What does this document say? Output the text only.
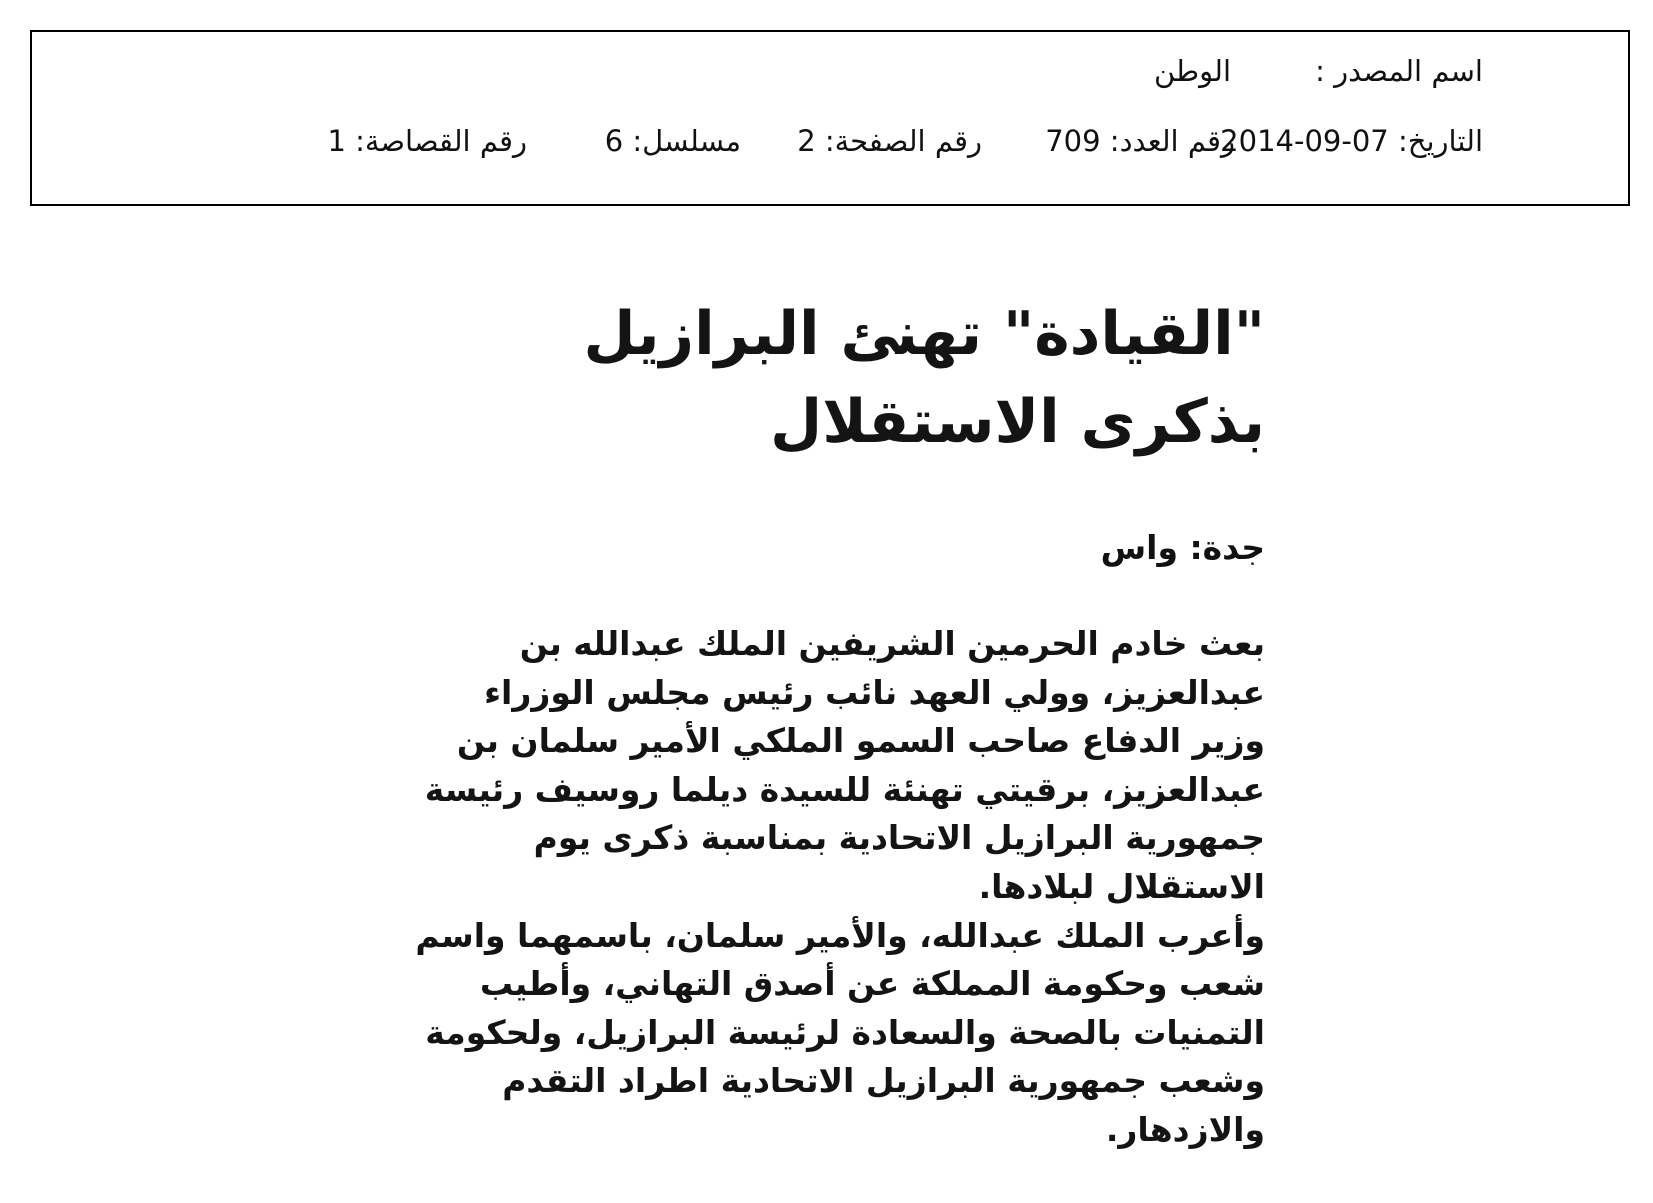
اسم المصدر :
الوطن
التاريخ: 07-09-2014
رقم العدد: 709
رقم الصفحة: 2
مسلسل: 6
رقم القصاصة: 1
"القيادة" تهنئ البرازيل
بذكرى الاستقلال
جدة: واس

بعث خادم الحرمين الشريفين الملك عبدالله بن عبدالعزيز، وولي العهد نائب رئيس مجلس الوزراء وزير الدفاع صاحب السمو الملكي الأمير سلمان بن عبدالعزيز، برقيتي تهنئة للسيدة ديلما روسيف رئيسة جمهورية البرازيل الاتحادية بمناسبة ذكرى يوم الاستقلال لبلادها.

وأعرب الملك عبدالله، والأمير سلمان، باسمهما واسم شعب وحكومة المملكة عن أصدق التهاني، وأطيب التمنيات بالصحة والسعادة لرئيسة البرازيل، ولحكومة وشعب جمهورية البرازيل الاتحادية اطراد التقدم والازدهار.
